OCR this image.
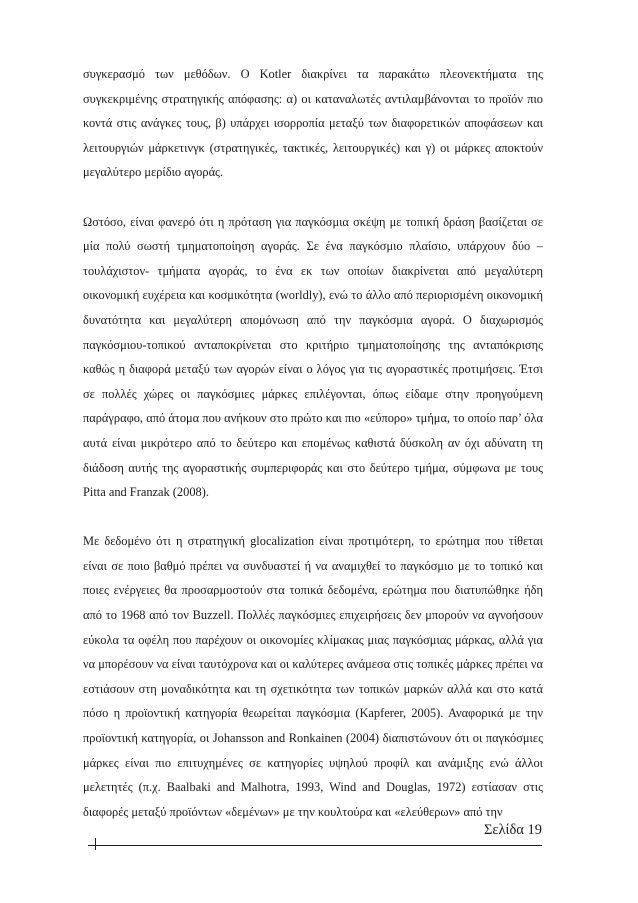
συγκερασμό των μεθόδων. Ο Kotler διακρίνει τα παρακάτω πλεονεκτήματα της συγκεκριμένης στρατηγικής απόφασης: α) οι καταναλωτές αντιλαμβάνονται το προϊόν πιο κοντά στις ανάγκες τους, β) υπάρχει ισορροπία μεταξύ των διαφορετικών αποφάσεων και λειτουργιών μάρκετινγκ (στρατηγικές, τακτικές, λειτουργικές) και γ) οι μάρκες αποκτούν μεγαλύτερο μερίδιο αγοράς.

Ωστόσο, είναι φανερό ότι η πρόταση για παγκόσμια σκέψη με τοπική δράση βασίζεται σε μία πολύ σωστή τμηματοποίηση αγοράς. Σε ένα παγκόσμιο πλαίσιο, υπάρχουν δύο –τουλάχιστον- τμήματα αγοράς, το ένα εκ των οποίων διακρίνεται από μεγαλύτερη οικονομική ευχέρεια και κοσμικότητα (worldly), ενώ το άλλο από περιορισμένη οικονομική δυνατότητα και μεγαλύτερη απομόνωση από την παγκόσμια αγορά. Ο διαχωρισμός παγκόσμιου-τοπικού ανταποκρίνεται στο κριτήριο τμηματοποίησης της ανταπόκρισης καθώς η διαφορά μεταξύ των αγορών είναι ο λόγος για τις αγοραστικές προτιμήσεις. Έτσι σε πολλές χώρες οι παγκόσμιες μάρκες επιλέγονται, όπως είδαμε στην προηγούμενη παράγραφο, από άτομα που ανήκουν στο πρώτο και πιο «εύπορο» τμήμα, το οποίο παρ’ όλα αυτά είναι μικρότερο από το δεύτερο και επομένως καθιστά δύσκολη αν όχι αδύνατη τη διάδοση αυτής της αγοραστικής συμπεριφοράς και στο δεύτερο τμήμα, σύμφωνα με τους Pitta and Franzak (2008).

Με δεδομένο ότι η στρατηγική glocalization είναι προτιμότερη, το ερώτημα που τίθεται είναι σε ποιο βαθμό πρέπει να συνδυαστεί ή να αναμιχθεί το παγκόσμιο με το τοπικό και ποιες ενέργειες θα προσαρμοστούν στα τοπικά δεδομένα, ερώτημα που διατυπώθηκε ήδη από το 1968 από τον Buzzell. Πολλές παγκόσμιες επιχειρήσεις δεν μπορούν να αγνοήσουν εύκολα τα οφέλη που παρέχουν οι οικονομίες κλίμακας μιας παγκόσμιας μάρκας, αλλά για να μπορέσουν να είναι ταυτόχρονα και οι καλύτερες ανάμεσα στις τοπικές μάρκες πρέπει να εστιάσουν στη μοναδικότητα και τη σχετικότητα των τοπικών μαρκών αλλά και στο κατά πόσο η προϊοντική κατηγορία θεωρείται παγκόσμια (Kapferer, 2005). Αναφορικά με την προϊοντική κατηγορία, οι Johansson and Ronkainen (2004) διαπιστώνουν ότι οι παγκόσμιες μάρκες είναι πιο επιτυχημένες σε κατηγορίες υψηλού προφίλ και ανάμιξης ενώ άλλοι μελετητές (π.χ. Baalbaki and Malhotra, 1993, Wind and Douglas, 1972) εστίασαν στις διαφορές μεταξύ προϊόντων «δεμένων» με την κουλτούρα και «ελεύθερων» από την

Σελίδα 19
